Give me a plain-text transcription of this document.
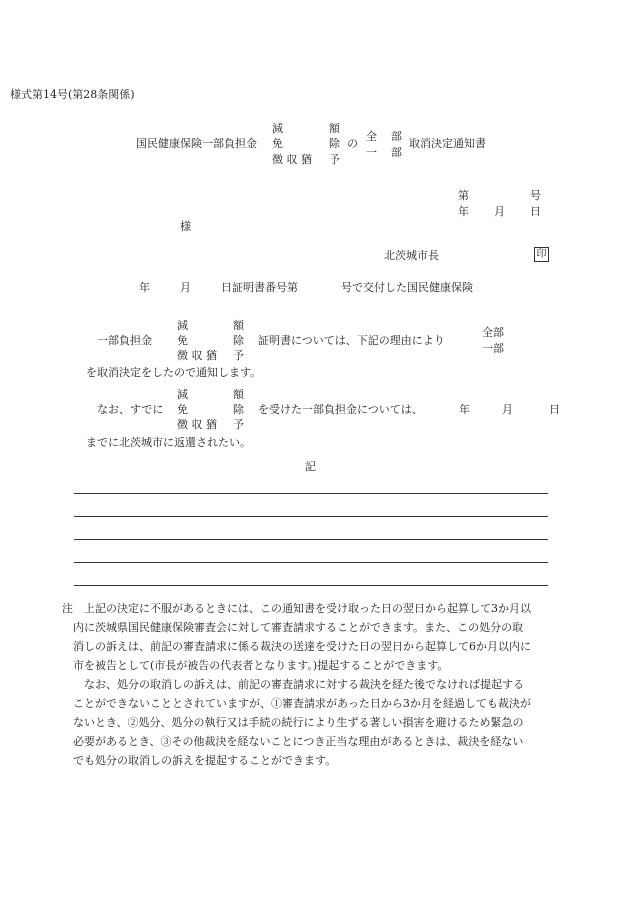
様式第14号(第28条関係)
国民健康保険一部負担金
減
免
徴 収 猶
額
除
予
の
全
一
部
部
取消決定通知書
第	号
年 月 日
様
北茨城市長	印
年	月	日証明書番号第	号で交付した国民健康保険
一部負担金
減
免
徴 収 猶
額
除
予
証明書については、下記の理由により
全部
一部
を取消決定をしたので通知します。
なお、すでに
減
免
徴 収 猶
額
除
予
を受けた一部負担金については、	年	月	日
までに北茨城市に返還されたい。
記

注　上記の決定に不服があるときには、この通知書を受け取った日の翌日から起算して3か月以

　内に茨城県国民健康保険審査会に対して審査請求することができます。また、この処分の取

　消しの訴えは、前記の審査請求に係る裁決の送達を受けた日の翌日から起算して6か月以内に

　市を被告として(市長が被告の代表者となります。)提起することができます。

　　なお、処分の取消しの訴えは、前記の審査請求に対する裁決を経た後でなければ提起する

　ことができないこととされていますが、①審査請求があった日から3か月を経過しても裁決が

　ないとき、②処分、処分の執行又は手続の続行により生ずる著しい損害を避けるため緊急の

　必要があるとき、③その他裁決を経ないことにつき正当な理由があるときは、裁決を経ない

　でも処分の取消しの訴えを提起することができます。
